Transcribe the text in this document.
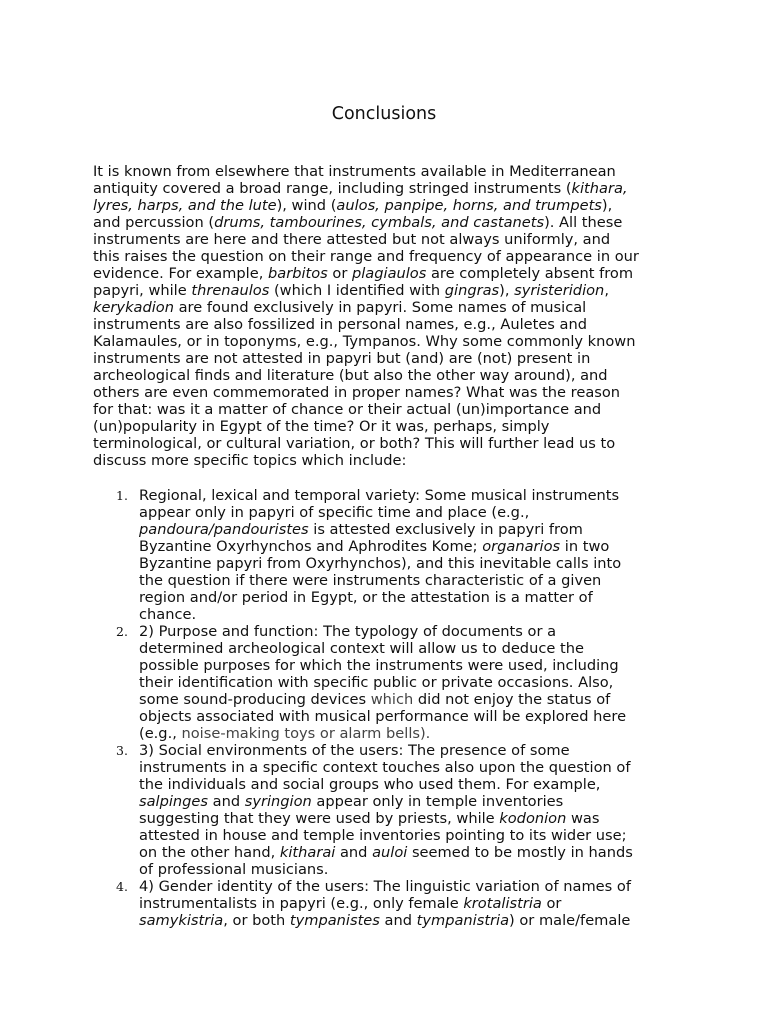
Conclusions

It is known from elsewhere that instruments available in Mediterranean
antiquity covered a broad range, including stringed instruments (kithara,
lyres, harps, and the lute), wind (aulos, panpipe, horns, and trumpets),
and percussion (drums, tambourines, cymbals, and castanets). All these
instruments are here and there attested but not always uniformly, and
this raises the question on their range and frequency of appearance in our
evidence. For example, barbitos or plagiaulos are completely absent from
papyri, while threnaulos (which I identified with gingras), syristeridion,
kerykadion are found exclusively in papyri. Some names of musical
instruments are also fossilized in personal names, e.g., Auletes and
Kalamaules, or in toponyms, e.g., Tympanos. Why some commonly known
instruments are not attested in papyri but (and) are (not) present in
archeological finds and literature (but also the other way around), and
others are even commemorated in proper names? What was the reason
for that: was it a matter of chance or their actual (un)importance and
(un)popularity in Egypt of the time? Or it was, perhaps, simply
terminological, or cultural variation, or both? This will further lead us to
discuss more specific topics which include:

1. Regional, lexical and temporal variety: Some musical instruments
appear only in papyri of specific time and place (e.g.,
pandoura/pandouristes is attested exclusively in papyri from
Byzantine Oxyrhynchos and Aphrodites Kome; organarios in two
Byzantine papyri from Oxyrhynchos), and this inevitable calls into
the question if there were instruments characteristic of a given
region and/or period in Egypt, or the attestation is a matter of
chance.

2. 2) Purpose and function: The typology of documents or a
determined archeological context will allow us to deduce the
possible purposes for which the instruments were used, including
their identification with specific public or private occasions. Also,
some sound-producing devices which did not enjoy the status of
objects associated with musical performance will be explored here
(e.g., noise-making toys or alarm bells).

3. 3) Social environments of the users: The presence of some
instruments in a specific context touches also upon the question of
the individuals and social groups who used them. For example,
salpinges and syringion appear only in temple inventories
suggesting that they were used by priests, while kodonion was
attested in house and temple inventories pointing to its wider use;
on the other hand, kitharai and auloi seemed to be mostly in hands
of professional musicians.

4. 4) Gender identity of the users: The linguistic variation of names of
instrumentalists in papyri (e.g., only female krotalistria or
samykistria, or both tympanistes and tympanistria) or male/female
